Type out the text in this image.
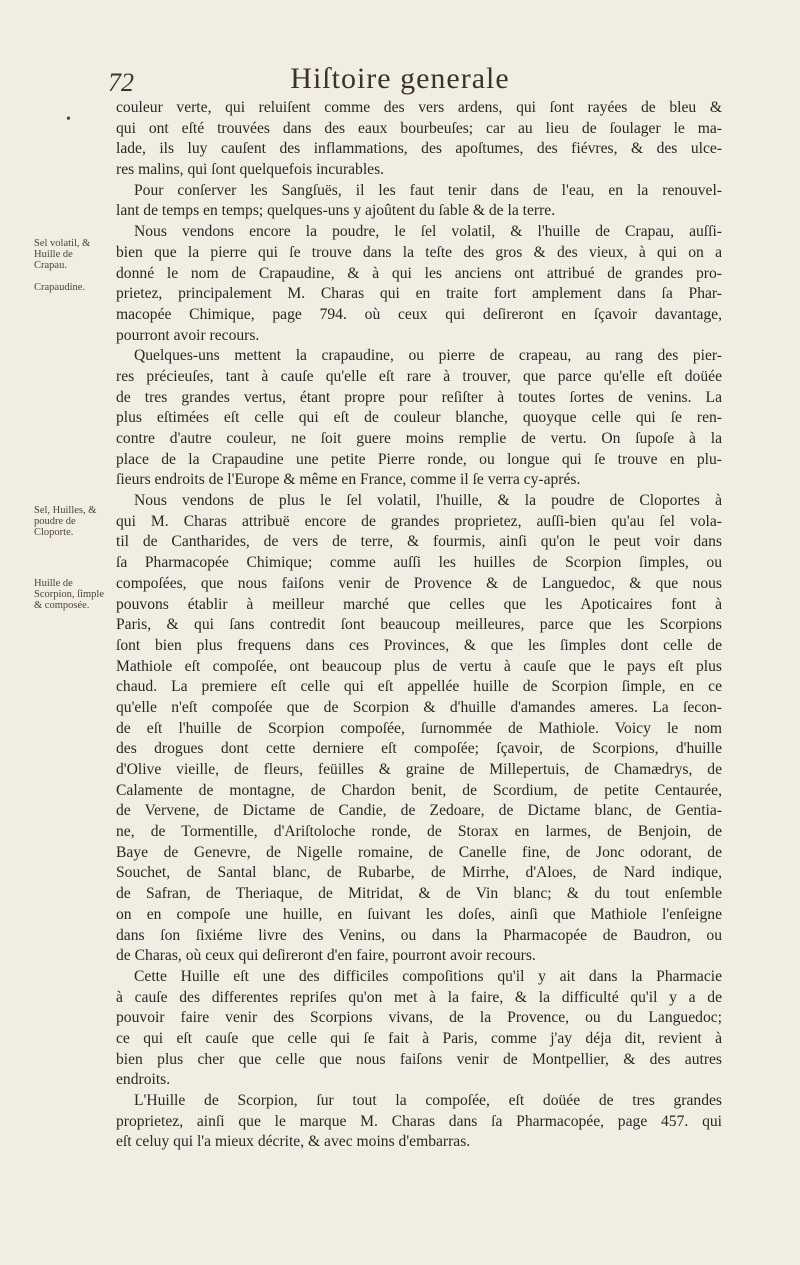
72	Hiſtoire generale
•
Sel volatil, & Huille de Crapau.
Crapaudine.
Sel, Huilles, & poudre de Cloporte.
Huille de Scorpion, ſimple & composée.
couleur verte, qui reluiſent comme des vers ardens, qui ſont rayées de bleu &
qui ont eſté trouvées dans des eaux bourbeuſes; car au lieu de ſoulager le ma-
lade, ils luy cauſent des inflammations, des apoſtumes, des fiévres, & des ulce-
res malins, qui ſont quelquefois incurables.
Pour conſerver les Sangſuës, il les faut tenir dans de l'eau, en la renouvel-
lant de temps en temps; quelques-uns y ajoûtent du ſable & de la terre.
Nous vendons encore la poudre, le ſel volatil, & l'huille de Crapau, auſſi-
bien que la pierre qui ſe trouve dans la teſte des gros & des vieux, à qui on a
donné le nom de Crapaudine, & à qui les anciens ont attribué de grandes pro-
prietez, principalement M. Charas qui en traite fort amplement dans ſa Phar-
macopée Chimique, page 794. où ceux qui deſireront en ſçavoir davantage,
pourront avoir recours.
Quelques-uns mettent la crapaudine, ou pierre de crapeau, au rang des pier-
res précieuſes, tant à cauſe qu'elle eſt rare à trouver, que parce qu'elle eſt doüée
de tres grandes vertus, étant propre pour reſiſter à toutes ſortes de venins. La
plus eſtimées eſt celle qui eſt de couleur blanche, quoyque celle qui ſe ren-
contre d'autre couleur, ne ſoit guere moins remplie de vertu. On ſupoſe à la
place de la Crapaudine une petite Pierre ronde, ou longue qui ſe trouve en plu-
ſieurs endroits de l'Europe & même en France, comme il ſe verra cy-aprés.
Nous vendons de plus le ſel volatil, l'huille, & la poudre de Cloportes à
qui M. Charas attribuë encore de grandes proprietez, auſſi-bien qu'au ſel vola-
til de Cantharides, de vers de terre, & fourmis, ainſi qu'on le peut voir dans
ſa Pharmacopée Chimique; comme auſſi les huilles de Scorpion ſimples, ou
compoſées, que nous faiſons venir de Provence & de Languedoc, & que nous
pouvons établir à meilleur marché que celles que les Apoticaires font à
Paris, & qui ſans contredit ſont beaucoup meilleures, parce que les Scorpions
ſont bien plus frequens dans ces Provinces, & que les ſimples dont celle de
Mathiole eſt compoſée, ont beaucoup plus de vertu à cauſe que le pays eſt plus
chaud. La premiere eſt celle qui eſt appellée huille de Scorpion ſimple, en ce
qu'elle n'eſt compoſée que de Scorpion & d'huille d'amandes ameres. La ſecon-
de eſt l'huille de Scorpion compoſée, ſurnommée de Mathiole. Voicy le nom
des drogues dont cette derniere eſt compoſée; ſçavoir, de Scorpions, d'huille
d'Olive vieille, de fleurs, feüilles & graine de Millepertuis, de Chamædrys, de
Calamente de montagne, de Chardon benit, de Scordium, de petite Centaurée,
de Vervene, de Dictame de Candie, de Zedoare, de Dictame blanc, de Gentia-
ne, de Tormentille, d'Ariſtoloche ronde, de Storax en larmes, de Benjoin, de
Baye de Genevre, de Nigelle romaine, de Canelle fine, de Jonc odorant, de
Souchet, de Santal blanc, de Rubarbe, de Mirrhe, d'Aloes, de Nard indique,
de Safran, de Theriaque, de Mitridat, & de Vin blanc; & du tout enſemble
on en compoſe une huille, en ſuivant les doſes, ainſi que Mathiole l'enſeigne
dans ſon ſixiéme livre des Venins, ou dans la Pharmacopée de Baudron, ou
de Charas, où ceux qui deſireront d'en faire, pourront avoir recours.
Cette Huille eſt une des difficiles compoſitions qu'il y ait dans la Pharmacie
à cauſe des differentes repriſes qu'on met à la faire, & la difficulté qu'il y a de
pouvoir faire venir des Scorpions vivans, de la Provence, ou du Languedoc;
ce qui eſt cauſe que celle qui ſe fait à Paris, comme j'ay déja dit, revient à
bien plus cher que celle que nous faiſons venir de Montpellier, & des autres
endroits.
L'Huille de Scorpion, ſur tout la compoſée, eſt doüée de tres grandes
proprietez, ainſi que le marque M. Charas dans ſa Pharmacopée, page 457. qui
eſt celuy qui l'a mieux décrite, & avec moins d'embarras.
